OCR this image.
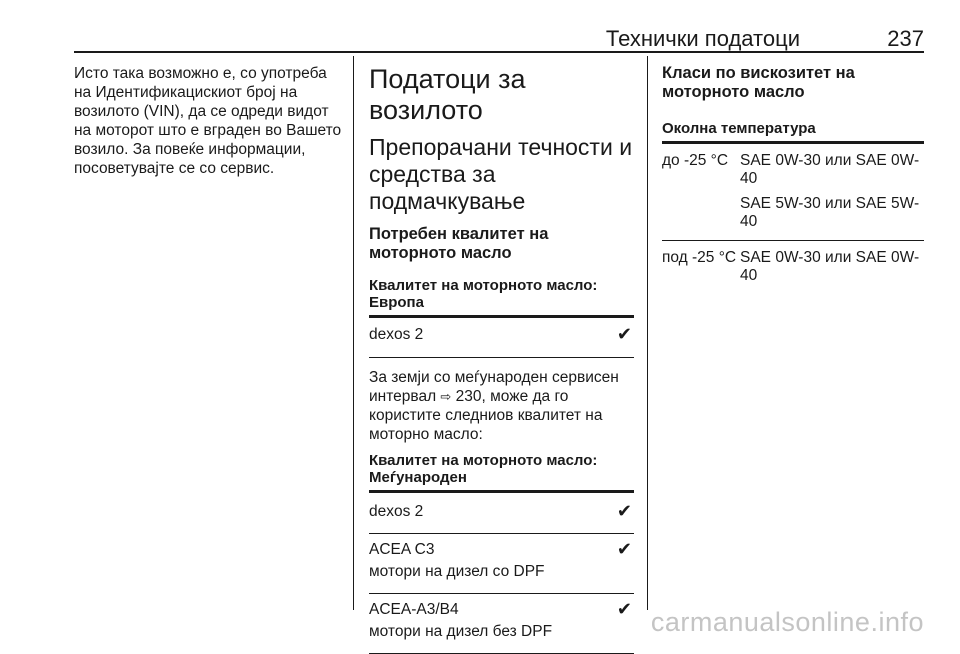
Технички податоци	237

Исто така возможно е, со употреба на Идентификацискиот број на возилото (VIN), да се одреди видот на моторот што е вграден во Вашето возило. За повеќе информации, посоветувајте се со сервис.

Податоци за возилото
Препорачани течности и средства за подмачкување
Потребен квалитет на моторното масло

Квалитет на моторното масло: Европа

dexos 2	✔

За земји со меѓународен сервисен интервал ⇨ 230, може да го користите следниов квалитет на моторно масло:

Квалитет на моторното масло: Меѓународен

dexos 2	✔
ACEA C3	✔
мотори на дизел со DPF
ACEA-A3/B4	✔
мотори на дизел без DPF
Класи по вискозитет на моторното масло

Околна температура

до -25 °C SAE 0W-30 или SAE 0W-40
SAE 5W-30 или SAE 5W-40
под -25 °C SAE 0W-30 или SAE 0W-40
carmanualsonline.info
